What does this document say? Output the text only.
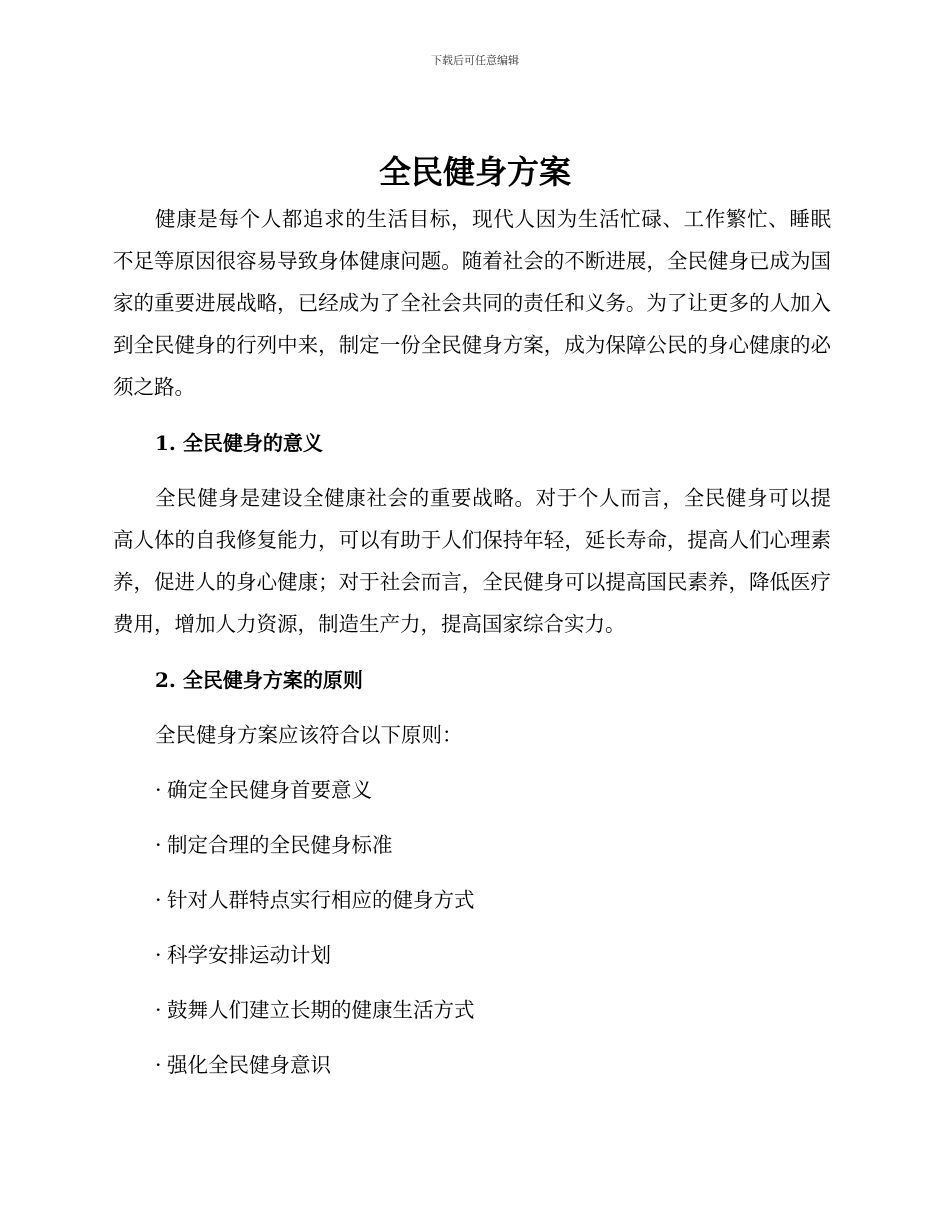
下载后可任意编辑
全民健身方案

健康是每个人都追求的生活目标，现代人因为生活忙碌、工作繁忙、睡眠不足等原因很容易导致身体健康问题。随着社会的不断进展，全民健身已成为国家的重要进展战略，已经成为了全社会共同的责任和义务。为了让更多的人加入到全民健身的行列中来，制定一份全民健身方案，成为保障公民的身心健康的必须之路。

1. 全民健身的意义

全民健身是建设全健康社会的重要战略。对于个人而言，全民健身可以提高人体的自我修复能力，可以有助于人们保持年轻，延长寿命，提高人们心理素养，促进人的身心健康；对于社会而言，全民健身可以提高国民素养，降低医疗费用，增加人力资源，制造生产力，提高国家综合实力。

2. 全民健身方案的原则

全民健身方案应该符合以下原则：

· 确定全民健身首要意义

· 制定合理的全民健身标准

· 针对人群特点实行相应的健身方式

· 科学安排运动计划

· 鼓舞人们建立长期的健康生活方式

· 强化全民健身意识
